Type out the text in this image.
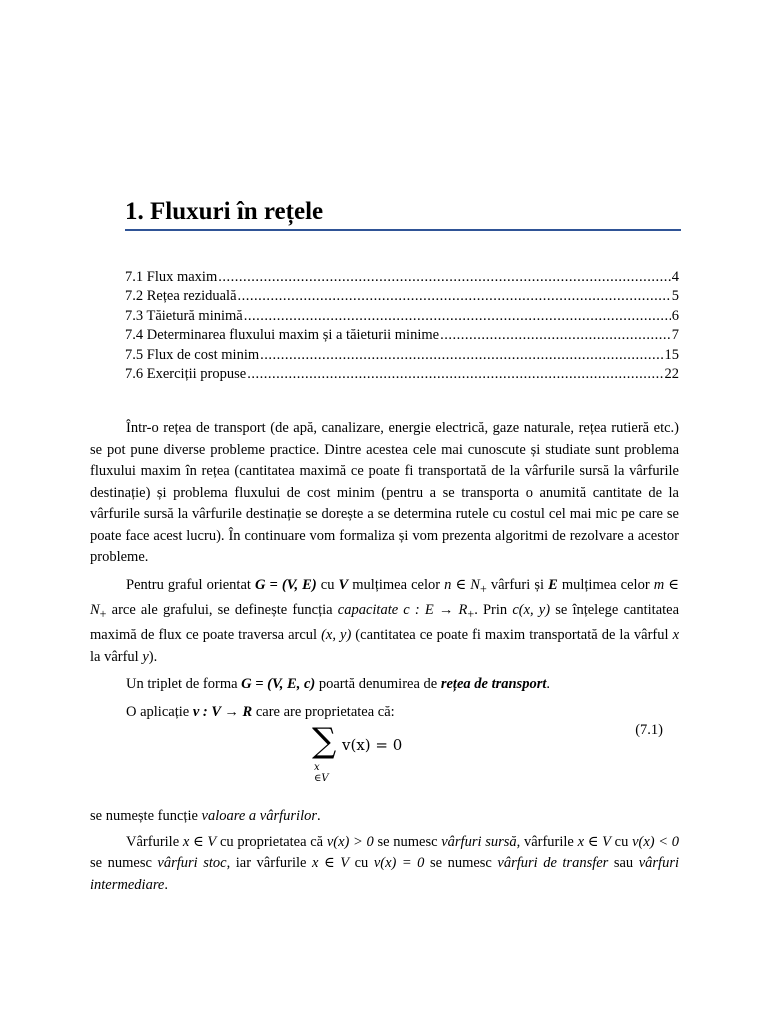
1. Fluxuri în rețele
7.1 Flux maxim .....	4
7.2 Rețea reziduală .....	5
7.3 Tăietură minimă .....	6
7.4 Determinarea fluxului maxim și a tăieturii minime .....	7
7.5 Flux de cost minim .....	15
7.6 Exerciții propuse .....	22

Într-o rețea de transport (de apă, canalizare, energie electrică, gaze naturale, rețea rutieră etc.) se pot pune diverse probleme practice. Dintre acestea cele mai cunoscute și studiate sunt problema fluxului maxim în rețea (cantitatea maximă ce poate fi transportată de la vârfurile sursă la vârfurile destinație) și problema fluxului de cost minim (pentru a se transporta o anumită cantitate de la vârfurile sursă la vârfurile destinație se dorește a se determina rutele cu costul cel mai mic pe care se poate face acest lucru). În continuare vom formaliza și vom prezenta algoritmi de rezolvare a acestor probleme.

Pentru graful orientat G = (V, E) cu V mulțimea celor n ∈ $N_+$ vârfuri și E mulțimea celor m ∈ $N_+$ arce ale grafului, se definește funcția capacitate c : $E \to R_+$. Prin c(x, y) se înțelege cantitatea maximă de flux ce poate traversa arcul (x, y) (cantitatea ce poate fi maxim transportată de la vârful x la vârful y).

Un triplet de forma G = (V, E, c) poartă denumirea de rețea de transport.

O aplicație v : V → R care are proprietatea că:

∑
x ∈V
v(x) = 0
(7.1)

se numește funcție valoare a vârfurilor.

Vârfurile x ∈ V cu proprietatea că v(x) > 0 se numesc vârfuri sursă, vârfurile x ∈ V cu v(x) < 0 se numesc vârfuri stoc, iar vârfurile x ∈ V cu v(x) = 0 se numesc vârfuri de transfer sau vârfuri intermediare.
